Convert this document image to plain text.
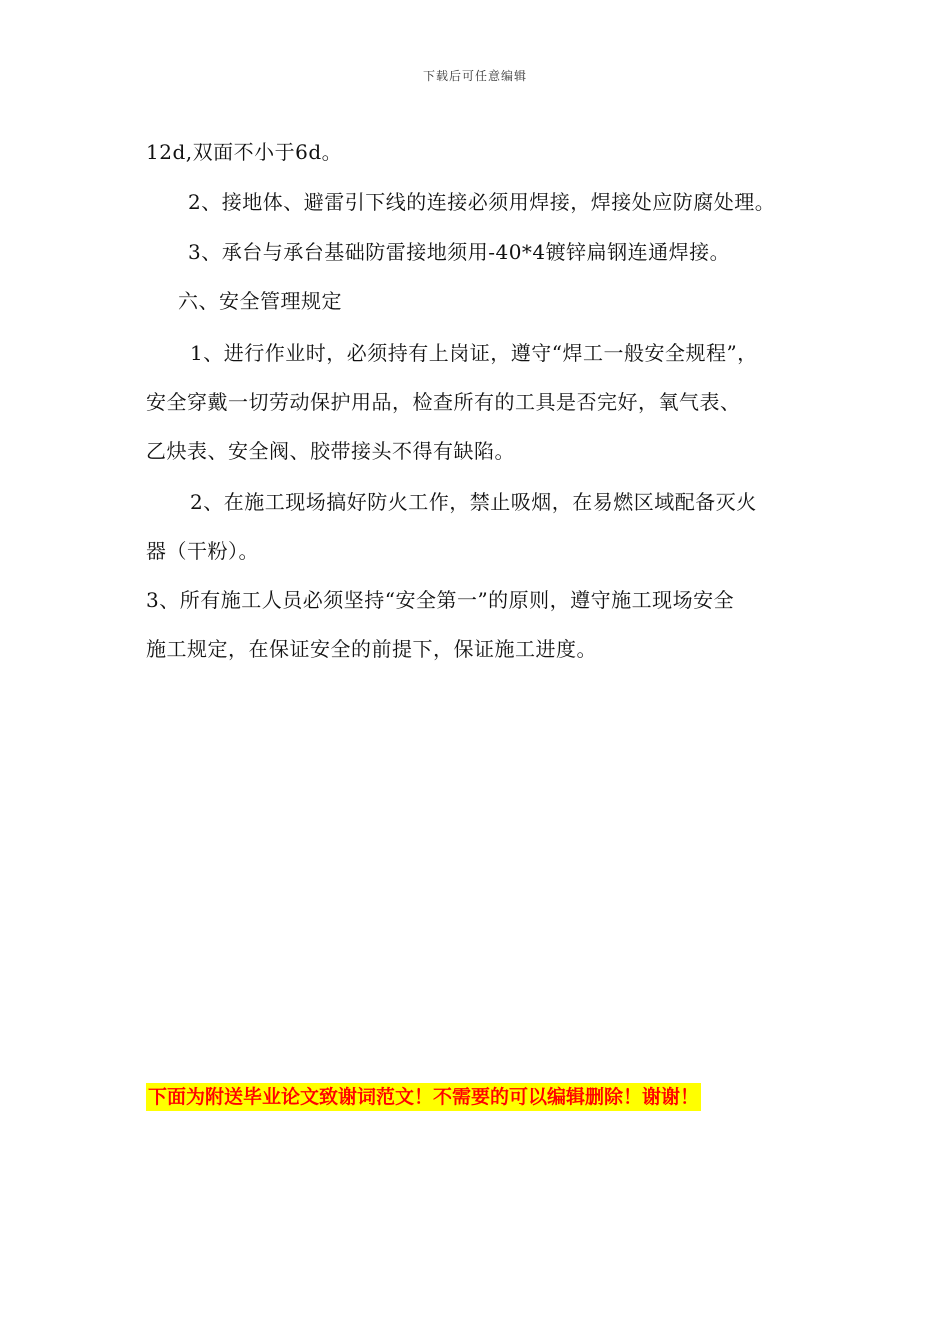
下载后可任意编辑
12d,双面不小于6d。
2、接地体、避雷引下线的连接必须用焊接，焊接处应防腐处理。
3、承台与承台基础防雷接地须用-40*4镀锌扁钢连通焊接。
六、安全管理规定
1、进行作业时，必须持有上岗证，遵守“焊工一般安全规程”，
安全穿戴一切劳动保护用品，检查所有的工具是否完好，氧气表、
乙炔表、安全阀、胶带接头不得有缺陷。
2、在施工现场搞好防火工作，禁止吸烟，在易燃区域配备灭火
器（干粉）。
3、所有施工人员必须坚持“安全第一”的原则，遵守施工现场安全
施工规定，在保证安全的前提下，保证施工进度。
下面为附送毕业论文致谢词范文！不需要的可以编辑删除！谢谢！
